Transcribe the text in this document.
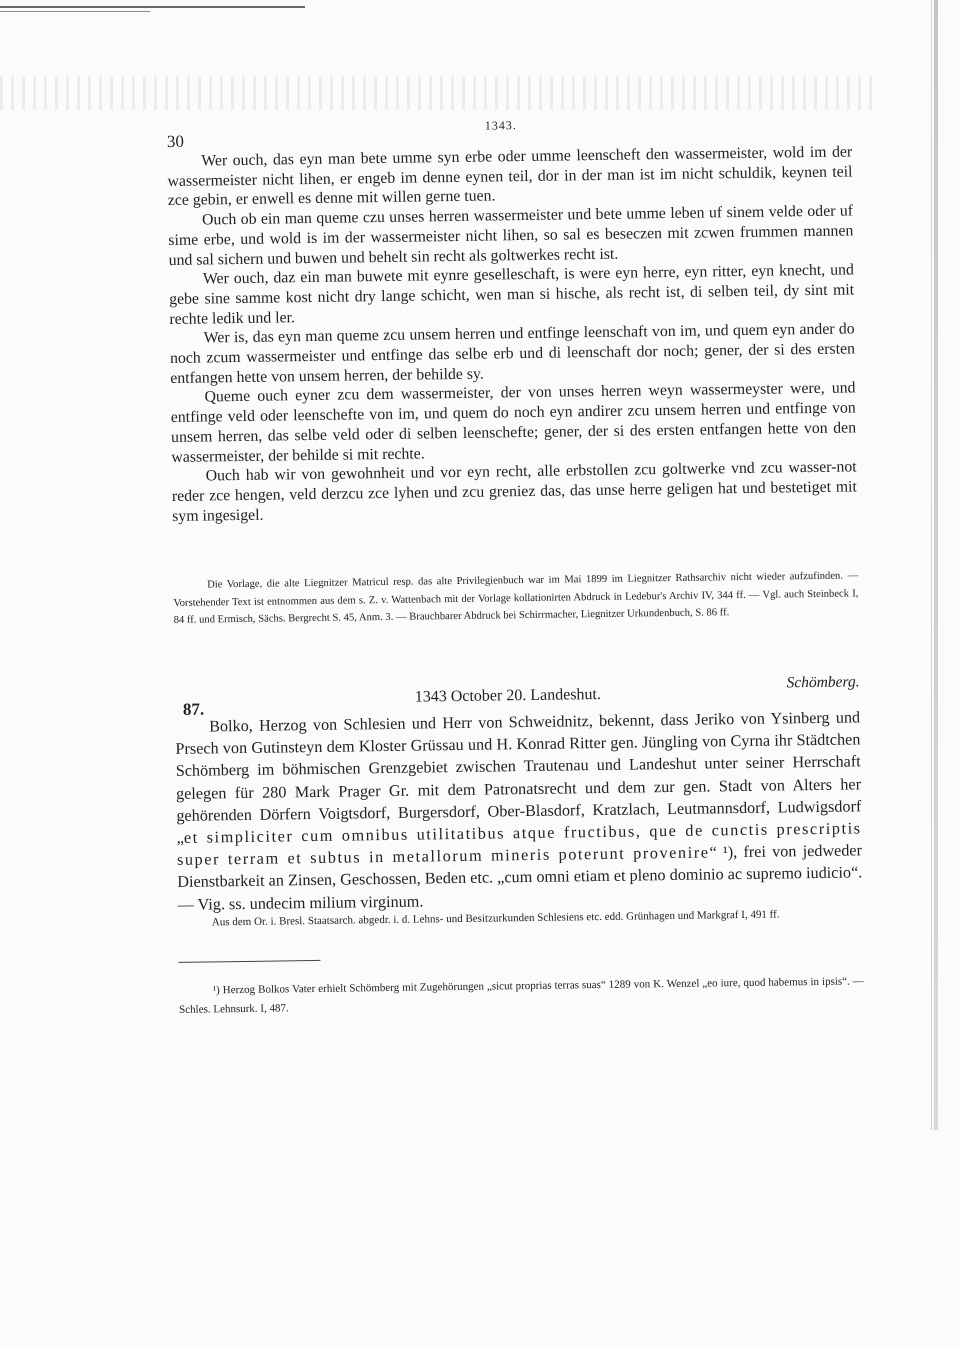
30
1343.

Wer ouch, das eyn man bete umme syn erbe oder umme leenscheft den wassermeister, wold im der wassermeister nicht lihen, er engeb im denne eynen teil, dor in der man ist im nicht schuldik, keynen teil zce gebin, er enwell es denne mit willen gerne tuen.

Ouch ob ein man queme czu unses herren wassermeister und bete umme leben uf sinem velde oder uf sime erbe, und wold is im der wassermeister nicht lihen, so sal es beseczen mit zcwen frummen mannen und sal sichern und buwen und behelt sin recht als goltwerkes recht ist.

Wer ouch, daz ein man buwete mit eynre geselleschaft, is were eyn herre, eyn ritter, eyn knecht, und gebe sine samme kost nicht dry lange schicht, wen man si hische, als recht ist, di selben teil, dy sint mit rechte ledik und ler.

Wer is, das eyn man queme zcu unsem herren und entfinge leenschaft von im, und quem eyn ander do noch zcum wassermeister und entfinge das selbe erb und di leenschaft dor noch; gener, der si des ersten entfangen hette von unsem herren, der behilde sy.

Queme ouch eyner zcu dem wassermeister, der von unses herren weyn wassermeyster were, und entfinge veld oder leenschefte von im, und quem do noch eyn andirer zcu unsem herren und entfinge von unsem herren, das selbe veld oder di selben leenschefte; gener, der si des ersten entfangen hette von den wassermeister, der behilde si mit rechte.

Ouch hab wir von gewohnheit und vor eyn recht, alle erbstollen zcu goltwerke vnd zcu wasser-not reder zce hengen, veld derzcu zce lyhen und zcu greniez das, das unse herre geligen hat und bestetiget mit sym ingesigel.

Die Vorlage, die alte Liegnitzer Matricul resp. das alte Privilegienbuch war im Mai 1899 im Liegnitzer Rathsarchiv nicht wieder aufzufinden. — Vorstehender Text ist entnommen aus dem s. Z. v. Wattenbach mit der Vorlage kollationirten Abdruck in Ledebur's Archiv IV, 344 ff. — Vgl. auch Steinbeck I, 84 ff. und Ermisch, Sächs. Bergrecht S. 45, Anm. 3. — Brauchbarer Abdruck bei Schirrmacher, Liegnitzer Urkundenbuch, S. 86 ff.

87.
1343 October 20. Landeshut.
Schömberg.

Bolko, Herzog von Schlesien und Herr von Schweidnitz, bekennt, dass Jeriko von Ysinberg und Prsech von Gutinsteyn dem Kloster Grüssau und H. Konrad Ritter gen. Jüngling von Cyrna ihr Städtchen Schömberg im böhmischen Grenzgebiet zwischen Trautenau und Landeshut unter seiner Herrschaft gelegen für 280 Mark Prager Gr. mit dem Patronatsrecht und dem zur gen. Stadt von Alters her gehörenden Dörfern Voigtsdorf, Burgersdorf, Ober-Blasdorf, Kratzlach, Leutmannsdorf, Ludwigsdorf „et simpliciter cum omnibus utilitatibus atque fructibus, que de cunctis prescriptis super terram et subtus in metallorum mineris poterunt provenire“ ¹), frei von jedweder Dienstbarkeit an Zinsen, Geschossen, Beden etc. „cum omni etiam et pleno dominio ac supremo iudicio“. — Vig. ss. undecim milium virginum.

Aus dem Or. i. Bresl. Staatsarch. abgedr. i. d. Lehns- und Besitzurkunden Schlesiens etc. edd. Grünhagen und Markgraf I, 491 ff.

¹) Herzog Bolkos Vater erhielt Schömberg mit Zugehörungen „sicut proprias terras suas“ 1289 von K. Wenzel „eo iure, quod habemus in ipsis“. — Schles. Lehnsurk. I, 487.
